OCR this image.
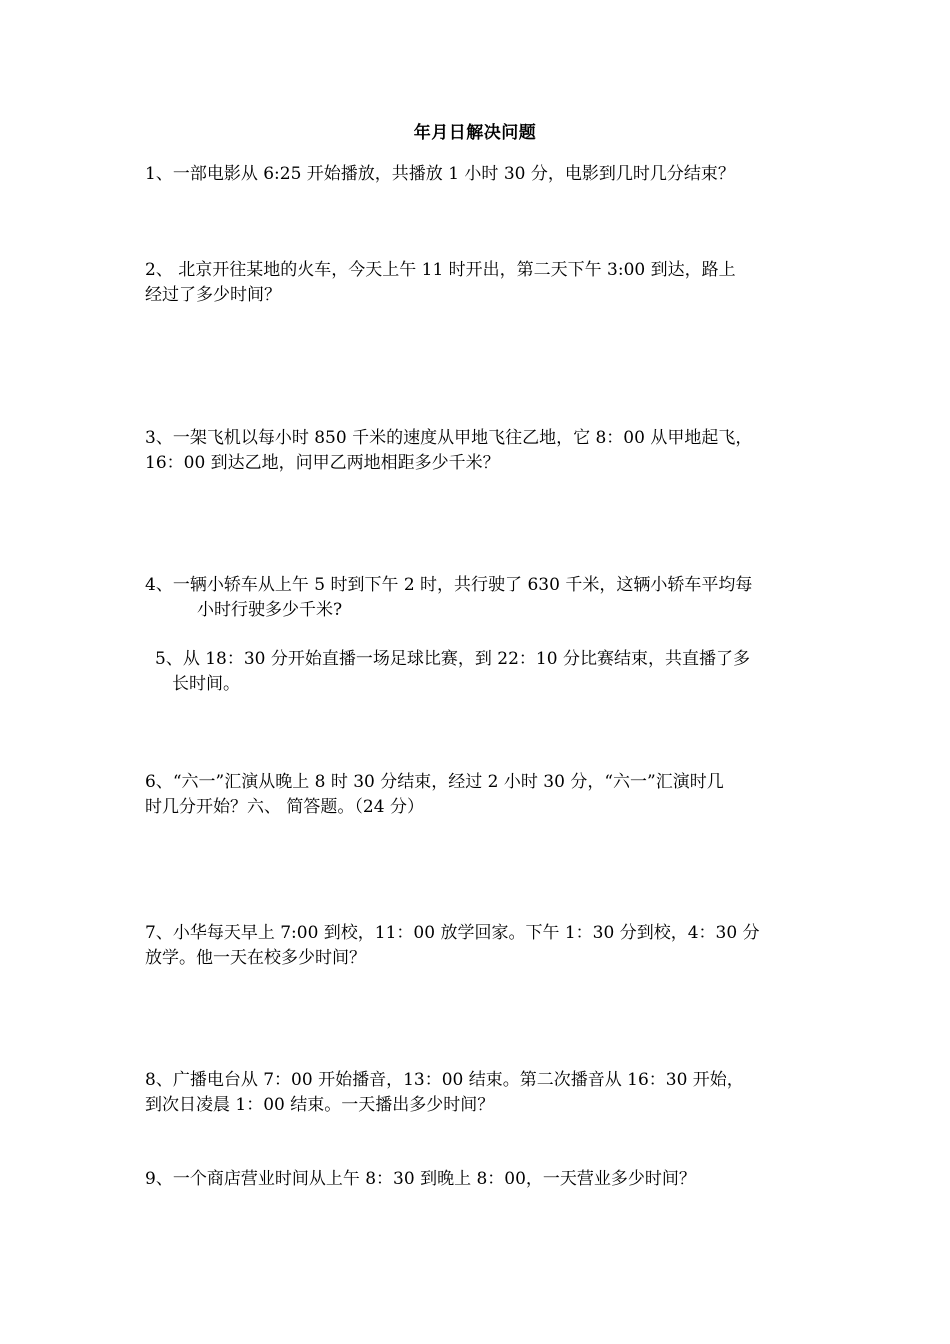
年月日解决问题
1、一部电影从 6:25 开始播放，共播放 1 小时 30 分，电影到几时几分结束？
2、 北京开往某地的火车，今天上午 11 时开出，第二天下午 3:00 到达，路上
经过了多少时间？
3、一架飞机以每小时 850 千米的速度从甲地飞往乙地，它 8：00 从甲地起飞，
16：00 到达乙地，问甲乙两地相距多少千米？
4、一辆小轿车从上午 5 时到下午 2 时，共行驶了 630 千米，这辆小轿车平均每
小时行驶多少千米?
5、从 18：30 分开始直播一场足球比赛，到 22：10 分比赛结束，共直播了多
长时间。
6、“六一”汇演从晚上 8 时 30 分结束，经过 2 小时 30 分，“六一”汇演时几
时几分开始？六、 简答题。（24 分）
7、小华每天早上 7:00 到校，11：00 放学回家。下午 1：30 分到校，4：30 分
放学。他一天在校多少时间？
8、广播电台从 7：00 开始播音，13：00 结束。第二次播音从 16：30 开始，
到次日凌晨 1：00 结束。一天播出多少时间？
9、一个商店营业时间从上午 8：30 到晚上 8：00，一天营业多少时间？
